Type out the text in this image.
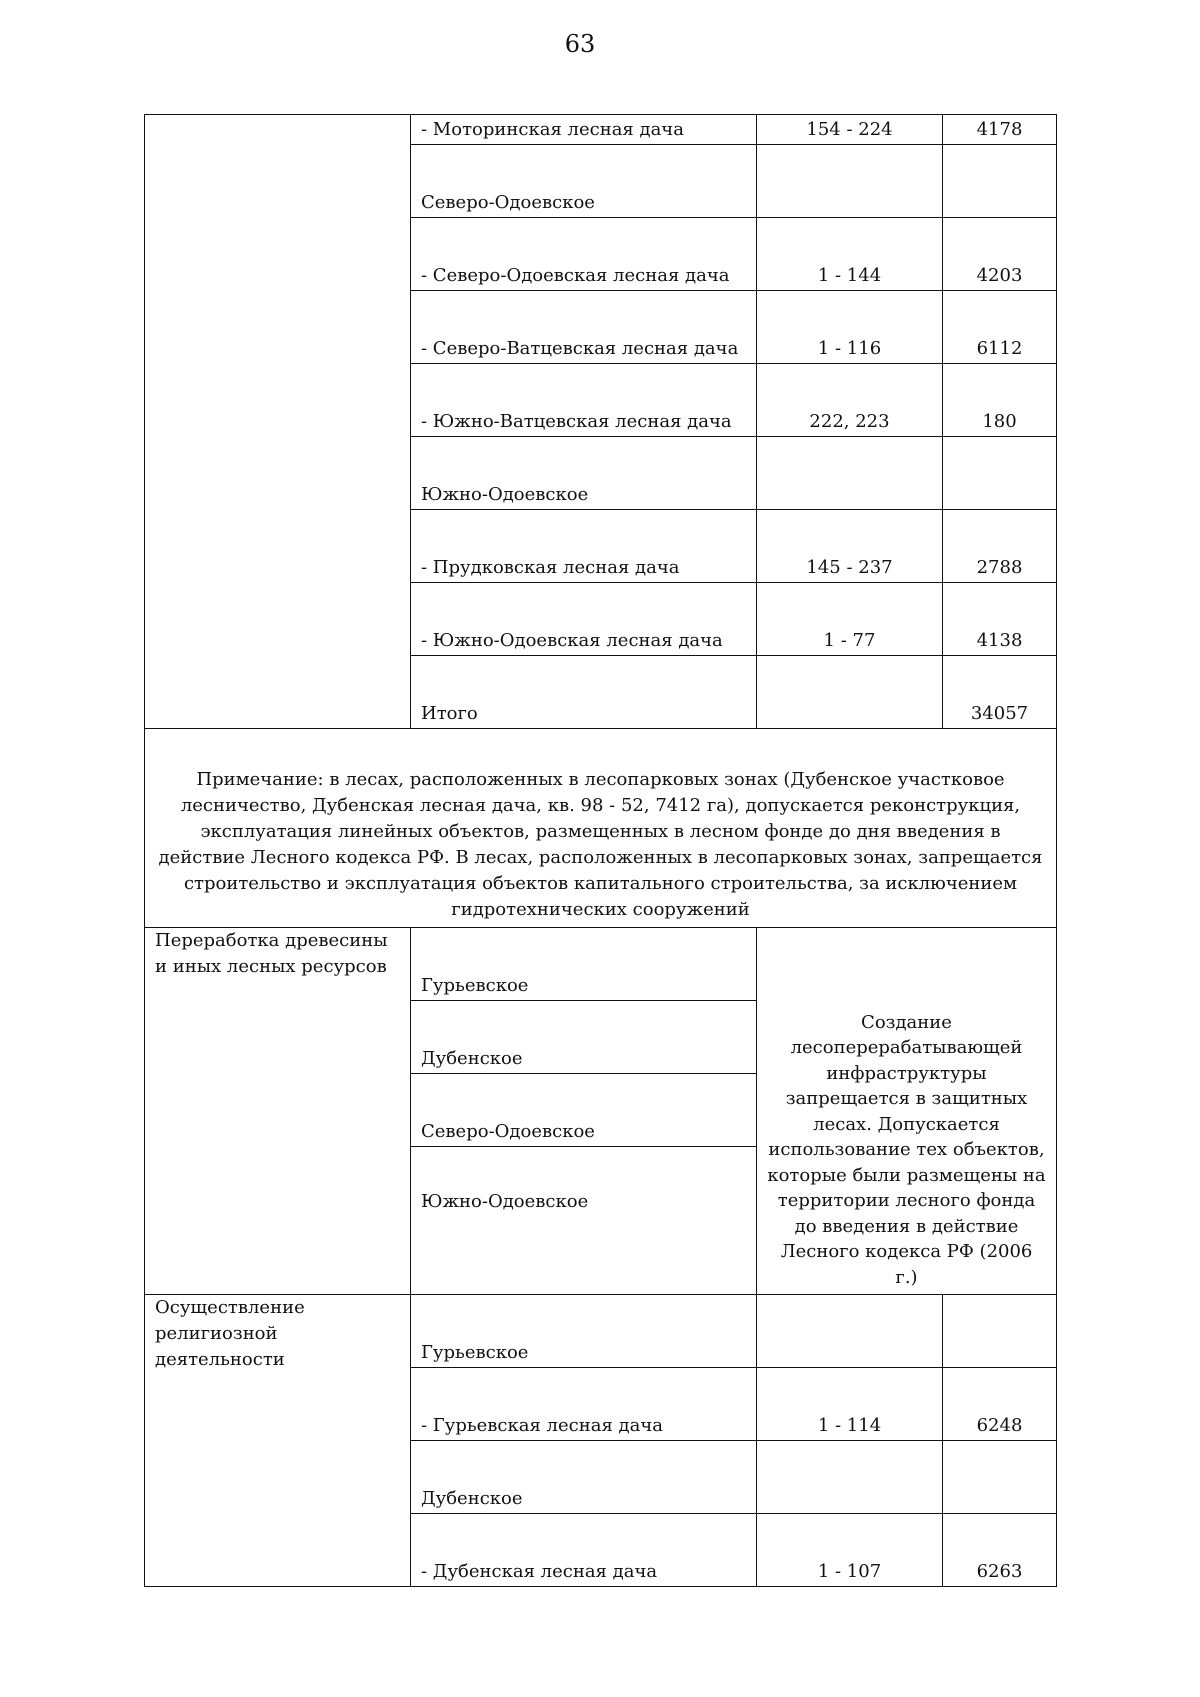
63
	- Моторинская лесная дача	154 - 224	4178
	Северо-Одоевское		
	- Северо-Одоевская лесная дача	1 - 144	4203
	- Северо-Ватцевская лесная дача	1 - 116	6112
	- Южно-Ватцевская лесная дача	222, 223	180
	Южно-Одоевское		
	- Прудковская лесная дача	145 - 237	2788
	- Южно-Одоевская лесная дача	1 - 77	4138
	Итого		34057
Примечание: в лесах, расположенных в лесопарковых зонах (Дубенское участковое лесничество, Дубенская лесная дача, кв. 98 - 52, 7412 га), допускается реконструкция, эксплуатация линейных объектов, размещенных в лесном фонде до дня введения в действие Лесного кодекса РФ. В лесах, расположенных в лесопарковых зонах, запрещается строительство и эксплуатация объектов капитального строительства, за исключением гидротехнических сооружений			
Переработка древесины и иных лесных ресурсов	Гурьевское	Создание лесоперерабатывающей инфраструктуры запрещается в защитных лесах. Допускается использование тех объектов, которые были размещены на территории лесного фонда до введения в действие Лесного кодекса РФ (2006 г.)	
	Дубенское		
	Северо-Одоевское		
	Южно-Одоевское		
Осуществление религиозной деятельности	Гурьевское		
	- Гурьевская лесная дача	1 - 114	6248
	Дубенское		
	- Дубенская лесная дача	1 - 107	6263
